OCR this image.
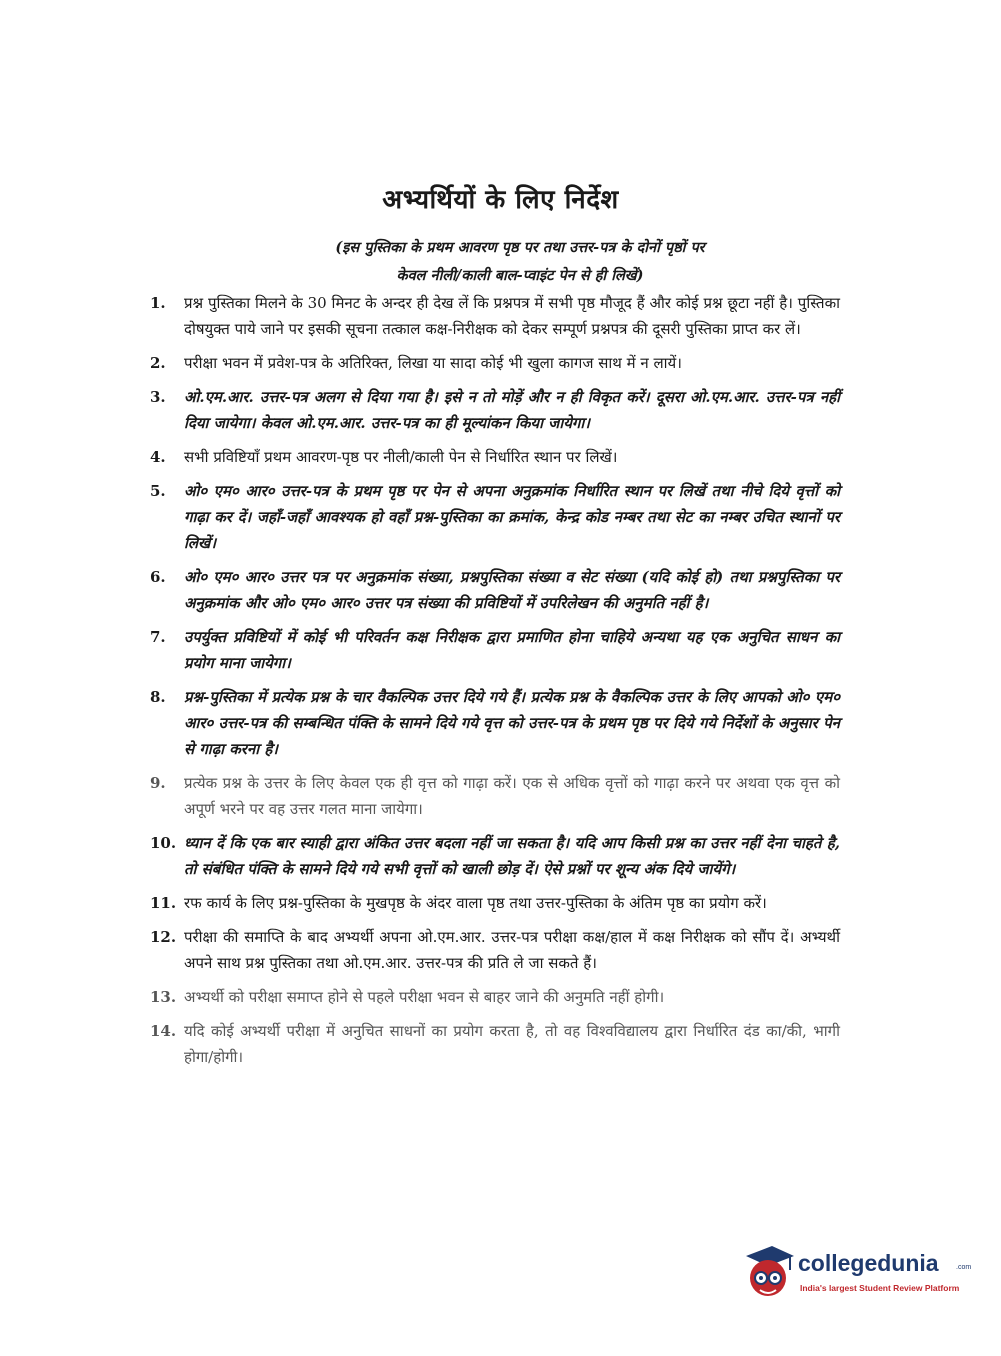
अभ्यर्थियों के लिए निर्देश
(इस पुस्तिका के प्रथम आवरण पृष्ठ पर तथा उत्तर-पत्र के दोनों पृष्ठों पर
केवल नीली/काली बाल-प्वाइंट पेन से ही लिखें)
1. प्रश्न पुस्तिका मिलने के 30 मिनट के अन्दर ही देख लें कि प्रश्नपत्र में सभी पृष्ठ मौजूद हैं और कोई प्रश्न छूटा नहीं है। पुस्तिका दोषयुक्त पाये जाने पर इसकी सूचना तत्काल कक्ष-निरीक्षक को देकर सम्पूर्ण प्रश्नपत्र की दूसरी पुस्तिका प्राप्त कर लें।
2. परीक्षा भवन में प्रवेश-पत्र के अतिरिक्त, लिखा या सादा कोई भी खुला कागज साथ में न लायें।
3. ओ.एम.आर. उत्तर-पत्र अलग से दिया गया है। इसे न तो मोड़ें और न ही विकृत करें। दूसरा ओ.एम.आर. उत्तर-पत्र नहीं दिया जायेगा। केवल ओ.एम.आर. उत्तर-पत्र का ही मूल्यांकन किया जायेगा।
4. सभी प्रविष्टियाँ प्रथम आवरण-पृष्ठ पर नीली/काली पेन से निर्धारित स्थान पर लिखें।
5. ओ० एम० आर० उत्तर-पत्र के प्रथम पृष्ठ पर पेन से अपना अनुक्रमांक निर्धारित स्थान पर लिखें तथा नीचे दिये वृत्तों को गाढ़ा कर दें। जहाँ-जहाँ आवश्यक हो वहाँ प्रश्न-पुस्तिका का क्रमांक, केन्द्र कोड नम्बर तथा सेट का नम्बर उचित स्थानों पर लिखें।
6. ओ० एम० आर० उत्तर पत्र पर अनुक्रमांक संख्या, प्रश्नपुस्तिका संख्या व सेट संख्या (यदि कोई हो) तथा प्रश्नपुस्तिका पर अनुक्रमांक और ओ० एम० आर० उत्तर पत्र संख्या की प्रविष्टियों में उपरिलेखन की अनुमति नहीं है।
7. उपर्युक्त प्रविष्टियों में कोई भी परिवर्तन कक्ष निरीक्षक द्वारा प्रमाणित होना चाहिये अन्यथा यह एक अनुचित साधन का प्रयोग माना जायेगा।
8. प्रश्न-पुस्तिका में प्रत्येक प्रश्न के चार वैकल्पिक उत्तर दिये गये हैं। प्रत्येक प्रश्न के वैकल्पिक उत्तर के लिए आपको ओ० एम० आर० उत्तर-पत्र की सम्बन्धित पंक्ति के सामने दिये गये वृत्त को उत्तर-पत्र के प्रथम पृष्ठ पर दिये गये निर्देशों के अनुसार पेन से गाढ़ा करना है।
9. प्रत्येक प्रश्न के उत्तर के लिए केवल एक ही वृत्त को गाढ़ा करें। एक से अधिक वृत्तों को गाढ़ा करने पर अथवा एक वृत्त को अपूर्ण भरने पर वह उत्तर गलत माना जायेगा।
10. ध्यान दें कि एक बार स्याही द्वारा अंकित उत्तर बदला नहीं जा सकता है। यदि आप किसी प्रश्न का उत्तर नहीं देना चाहते है, तो संबंधित पंक्ति के सामने दिये गये सभी वृत्तों को खाली छोड़ दें। ऐसे प्रश्नों पर शून्य अंक दिये जायेंगे।
11. रफ कार्य के लिए प्रश्न-पुस्तिका के मुखपृष्ठ के अंदर वाला पृष्ठ तथा उत्तर-पुस्तिका के अंतिम पृष्ठ का प्रयोग करें।
12. परीक्षा की समाप्ति के बाद अभ्यर्थी अपना ओ.एम.आर. उत्तर-पत्र परीक्षा कक्ष/हाल में कक्ष निरीक्षक को सौंप दें। अभ्यर्थी अपने साथ प्रश्न पुस्तिका तथा ओ.एम.आर. उत्तर-पत्र की प्रति ले जा सकते हैं।
13. अभ्यर्थी को परीक्षा समाप्त होने से पहले परीक्षा भवन से बाहर जाने की अनुमति नहीं होगी।
14. यदि कोई अभ्यर्थी परीक्षा में अनुचित साधनों का प्रयोग करता है, तो वह विश्वविद्यालय द्वारा निर्धारित दंड का/की, भागी होगा/होगी।
collegedunia .com
India's largest Student Review Platform
